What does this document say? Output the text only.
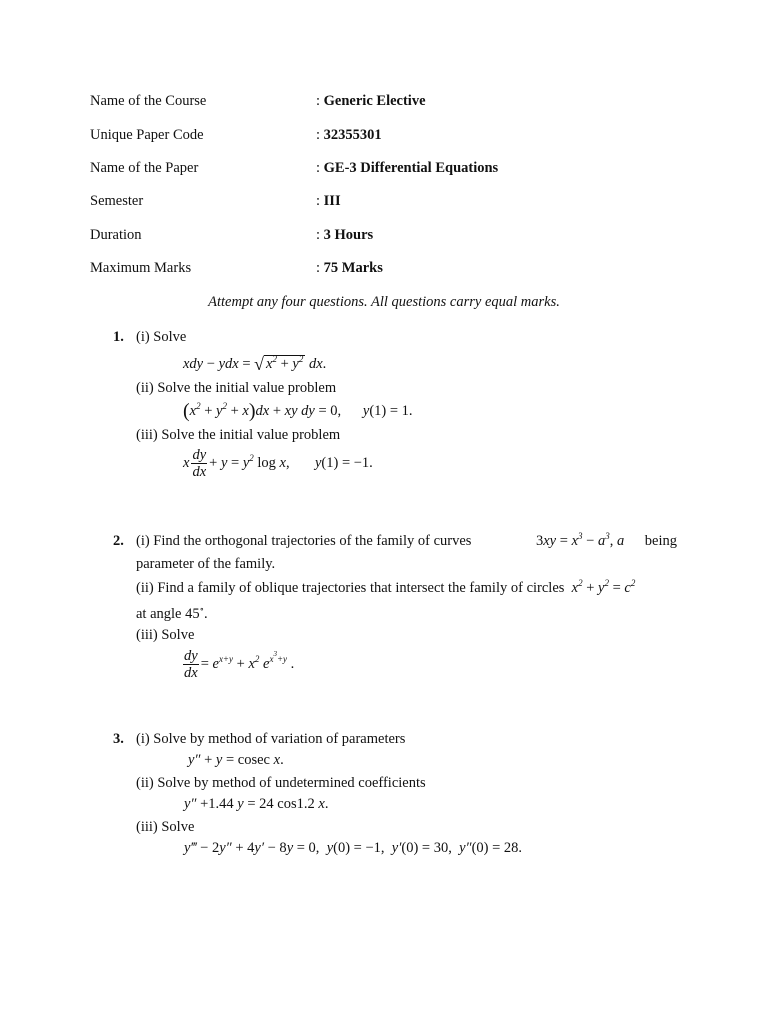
Name of the Course	: Generic Elective
Unique Paper Code	: 32355301
Name of the Paper	: GE-3 Differential Equations
Semester	: III
Duration	: 3 Hours
Maximum Marks	: 75 Marks
Attempt any four questions. All questions carry equal marks.
1. (i) Solve
xdy − ydx = √ $x^2 + y^2$ dx.
(ii) Solve the initial value problem
$(x^2 + y^2 + x)dx$ + xy dy = 0,      y(1) = 1.
(iii) Solve the initial value problem
x $\frac{dy}{dx} + y = y^2$ log x,       y(1) = −1.
2. (i) Find the orthogonal trajectories of the family of curves	$3xy = x^3 - a^3$, a being
parameter of the family.
(ii) Find a family of oblique trajectories that intersect the family of circles $x^2 + y^2 = c^2$
at angle 45∘.
(iii) Solve
$\frac{dy}{dx} = e^{x+y} + x^2$ $e^{x^3+y}$ .
3. (i) Solve by method of variation of parameters
y″ + y = cosec x.
(ii) Solve by method of undetermined coefficients
y″ +1.44 y = 24 cos1.2 x.
(iii) Solve
y‴ − 2y″ + 4y′ − 8y = 0,  y(0) = −1,  y′(0) = 30,  y″(0) = 28.
